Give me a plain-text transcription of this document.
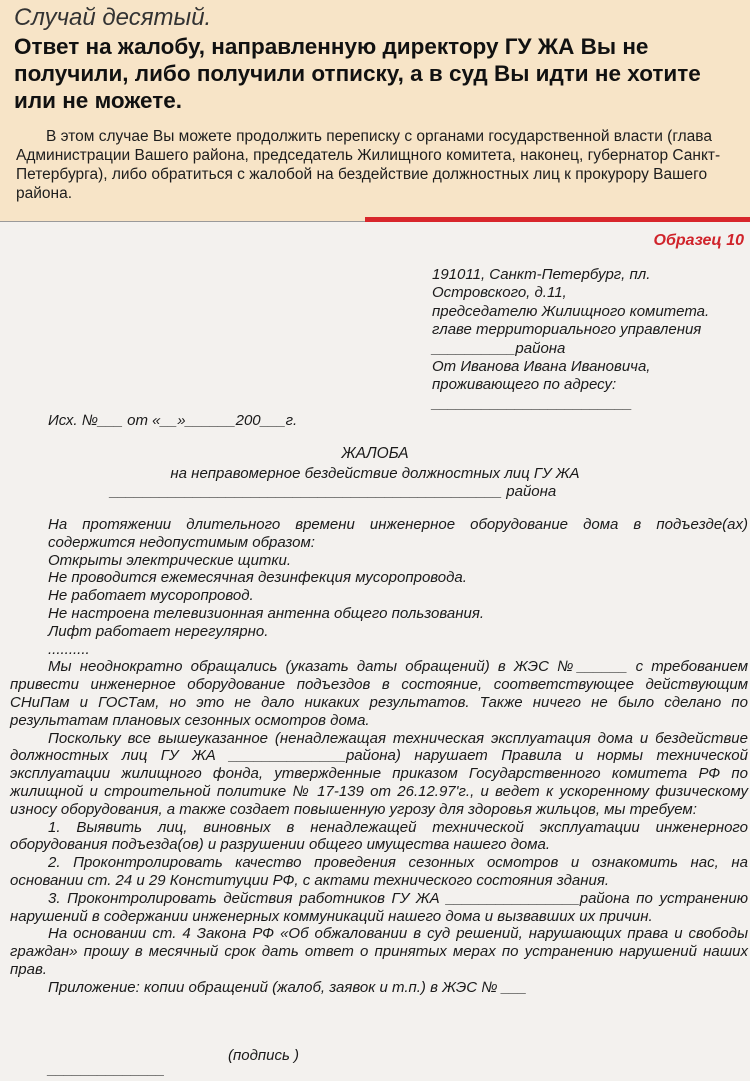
Случай десятый.
Ответ на жалобу, направленную директору ГУ ЖА Вы не получили, либо получили отписку, а в суд Вы идти не хотите или не можете.
В этом случае Вы можете продолжить переписку с органами государственной власти (глава Администрации Вашего района, председатель Жилищного комитета, наконец, губернатор Санкт-Петербурга), либо обратиться с жалобой на бездействие должностных лиц к прокурору Вашего района.
Образец 10
191011, Санкт-Петербург, пл.
Островского, д.11,
председателю Жилищного комитета.
главе территориального управления
__________района
От Иванова Ивана Ивановича,
проживающего по адресу:
________________________
Исх. №___ от «__»______200___г.
ЖАЛОБА
на неправомерное бездействие должностных лиц ГУ ЖА
_______________________________________________ района

На протяжении длительного времени инженерное оборудование дома в подъезде(ах) содержится недопустимым образом:

Открыты электрические щитки.

Не проводится ежемесячная дезинфекция мусоропровода.

Не работает мусоропровод.

Не настроена телевизионная антенна общего пользования.

Лифт работает нерегулярно.

..........

Мы неоднократно обращались (указать даты обращений) в ЖЭС №______ с требованием привести инженерное оборудование подъездов в состояние, соответствующее действующим СНиПам и ГОСТам, но это не дало никаких результатов. Также ничего не было сделано по результатам плановых сезонных осмотров дома.

Поскольку все вышеуказанное (ненадлежащая техническая эксплуатация дома и бездействие должностных лиц ГУ ЖА ______________района) нарушает Правила и нормы технической эксплуатации жилищного фонда, утвержденные приказом Государственного комитета РФ по жилищной и строительной политике № 17-139 от 26.12.97'г., и ведет к ускоренному физическому износу оборудования, а также создает повышенную угрозу для здоровья жильцов, мы требуем:

1. Выявить лиц, виновных в ненадлежащей технической эксплуатации инженерного оборудования подъезда(ов) и разрушении общего имущества нашего дома.

2. Проконтролировать качество проведения сезонных осмотров и ознакомить нас, на основании ст. 24 и 29 Конституции РФ, с актами технического состояния здания.

3. Проконтролировать действия работников ГУ ЖА ________________района по устранению нарушений в содержании инженерных коммуникаций нашего дома и вызвавших их причин.

На основании ст. 4 Закона РФ «Об обжаловании в суд решений, нарушающих права и свободы граждан» прошу в месячный срок дать ответ о принятых мерах по устранению нарушений наших прав.

Приложение: копии обращений (жалоб, заявок и т.п.) в ЖЭС № ___

______________
(подпись )
